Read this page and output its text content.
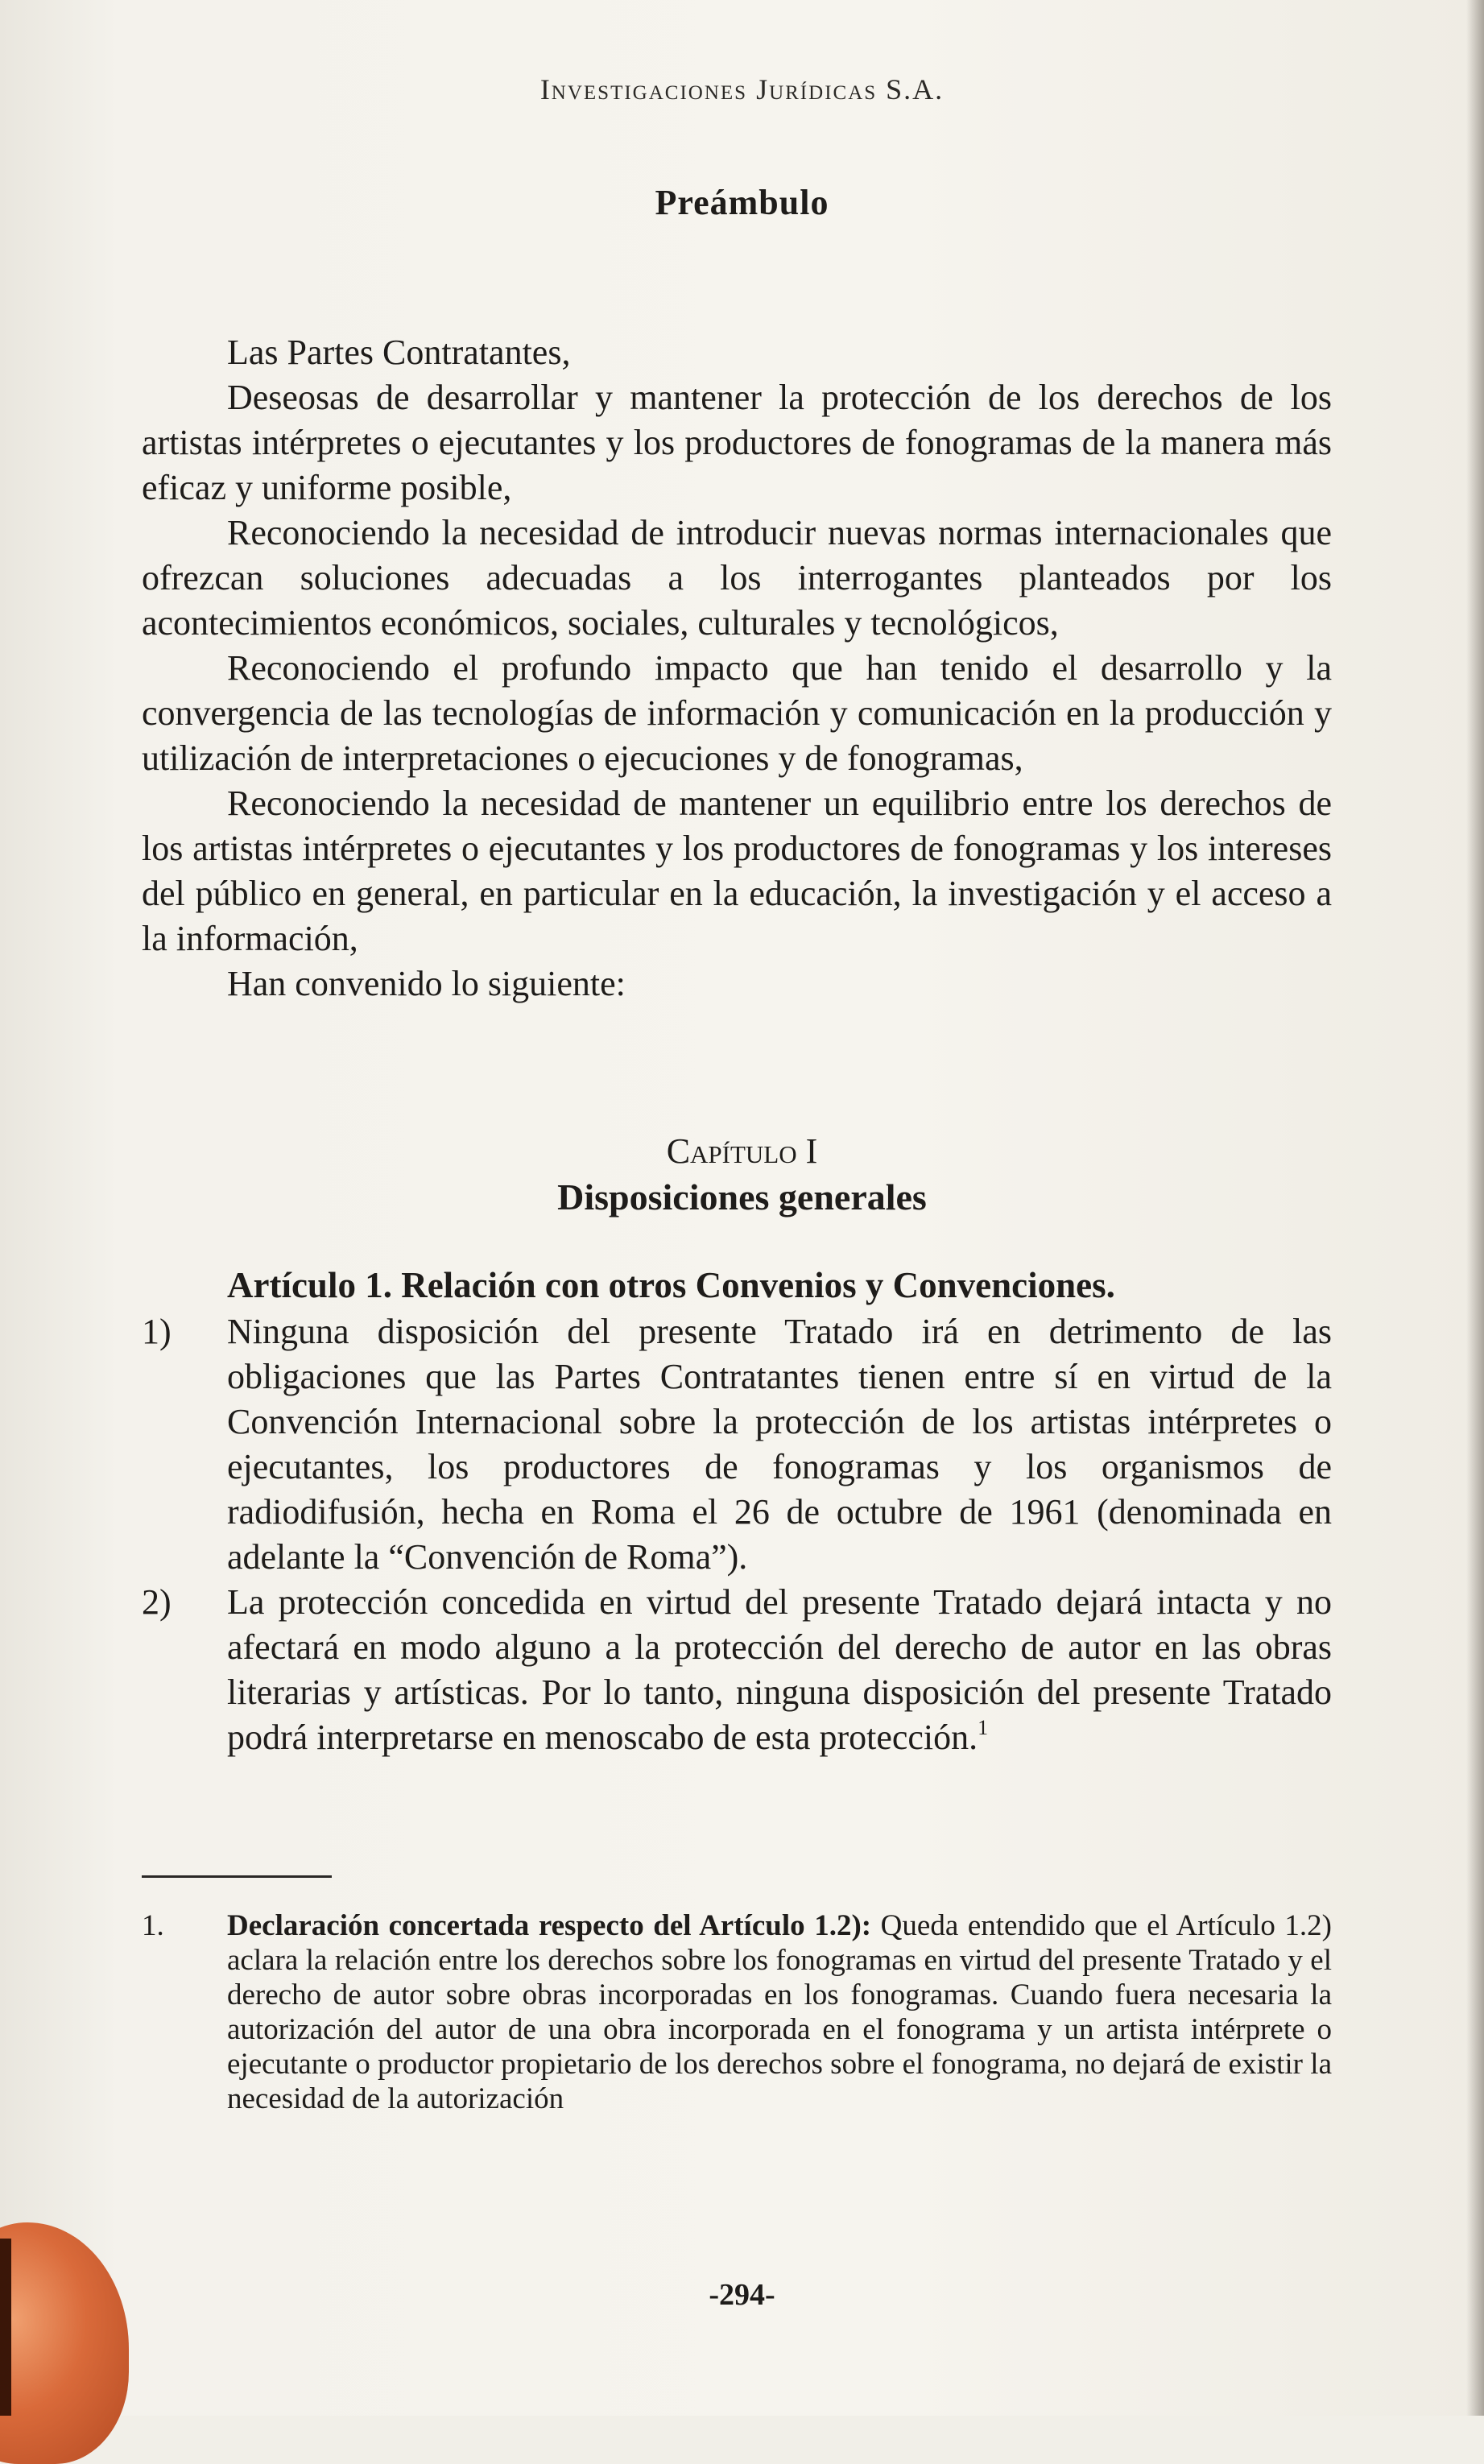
Investigaciones Jurídicas S.A.
Preámbulo

Las Partes Contratantes,

Deseosas de desarrollar y mantener la protección de los derechos de los artistas intérpretes o ejecutantes y los productores de fonogramas de la manera más eficaz y uniforme posible,

Reconociendo la necesidad de introducir nuevas normas internacionales que ofrezcan soluciones adecuadas a los interrogantes planteados por los acontecimientos económicos, sociales, culturales y tecnológicos,

Reconociendo el profundo impacto que han tenido el desarrollo y la convergencia de las tecnologías de información y comunicación en la producción y utilización de interpretaciones o ejecuciones y de fonogramas,

Reconociendo la necesidad de mantener un equilibrio entre los derechos de los artistas intérpretes o ejecutantes y los productores de fonogramas y los intereses del público en general, en particular en la educación, la investigación y el acceso a la información,

Han convenido lo siguiente:

Capítulo I
Disposiciones generales
Artículo 1. Relación con otros Convenios y Convenciones.
1)	Ninguna disposición del presente Tratado irá en detrimento de las obligaciones que las Partes Contratantes tienen entre sí en virtud de la Convención Internacional sobre la protección de los artistas intérpretes o ejecutantes, los productores de fonogramas y los organismos de radiodifusión, hecha en Roma el 26 de octubre de 1961 (denominada en adelante la “Convención de Roma”).
2)	La protección concedida en virtud del presente Tratado dejará intacta y no afectará en modo alguno a la protección del derecho de autor en las obras literarias y artísticas. Por lo tanto, ninguna disposición del presente Tratado podrá interpretarse en menoscabo de esta protección.$^1$
1.	Declaración concertada respecto del Artículo 1.2): Queda entendido que el Artículo 1.2) aclara la relación entre los derechos sobre los fonogramas en virtud del presente Tratado y el derecho de autor sobre obras incorporadas en los fonogramas. Cuando fuera necesaria la autorización del autor de una obra incorporada en el fonograma y un artista intérprete o ejecutante o productor propietario de los derechos sobre el fonograma, no dejará de existir la necesidad de la autorización
-294-
